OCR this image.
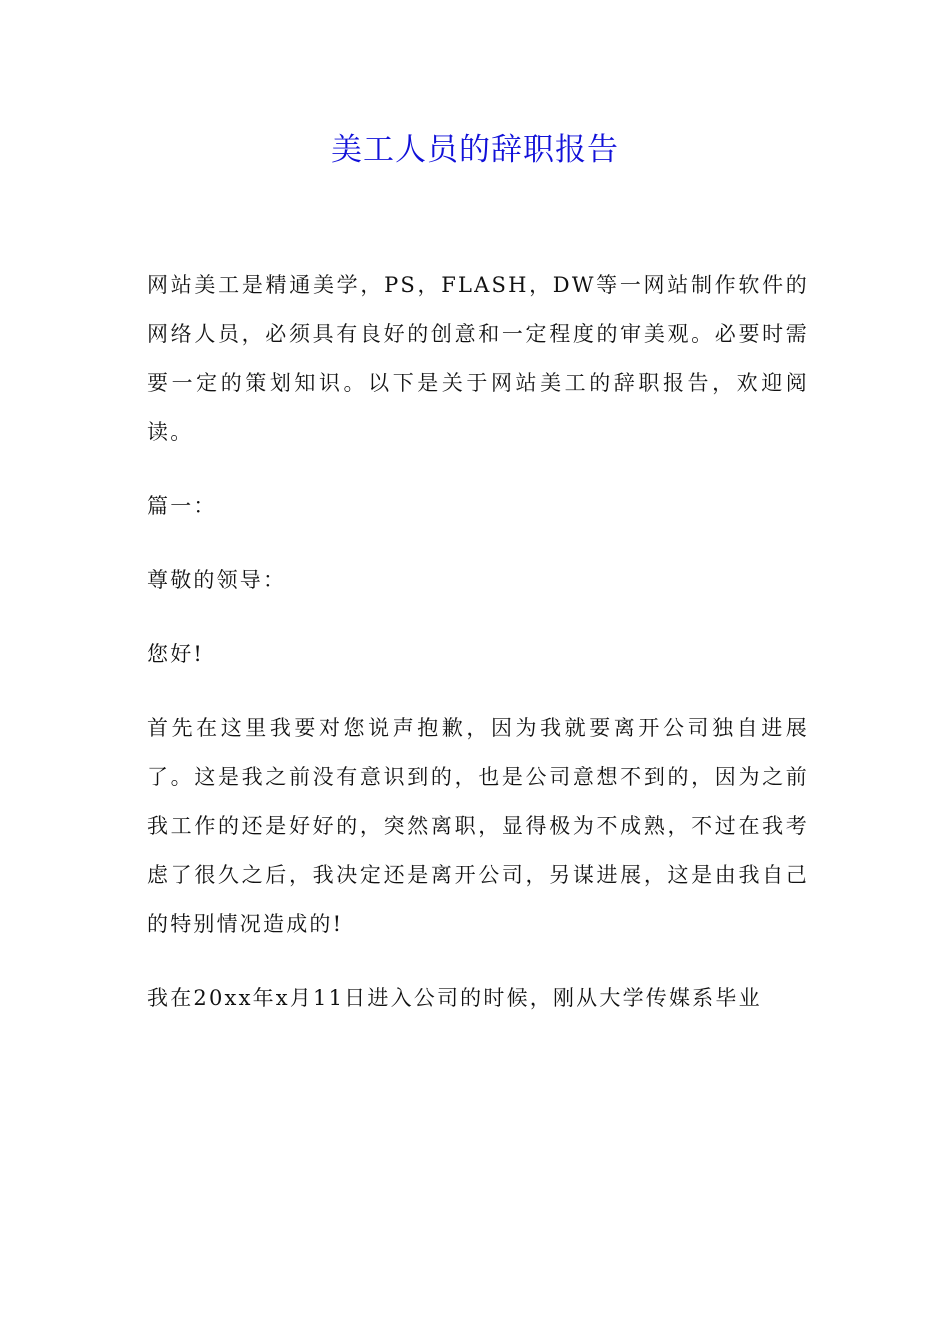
美工人员的辞职报告

网站美工是精通美学，PS，FLASH，DW等一网站制作软件的网络人员，必须具有良好的创意和一定程度的审美观。必要时需要一定的策划知识。以下是关于网站美工的辞职报告，欢迎阅读。

篇一：

尊敬的领导：

您好!

首先在这里我要对您说声抱歉，因为我就要离开公司独自进展了。这是我之前没有意识到的，也是公司意想不到的，因为之前我工作的还是好好的，突然离职，显得极为不成熟，不过在我考虑了很久之后，我决定还是离开公司，另谋进展，这是由我自己的特别情况造成的!

我在20xx年x月11日进入公司的时候，刚从大学传媒系毕业
